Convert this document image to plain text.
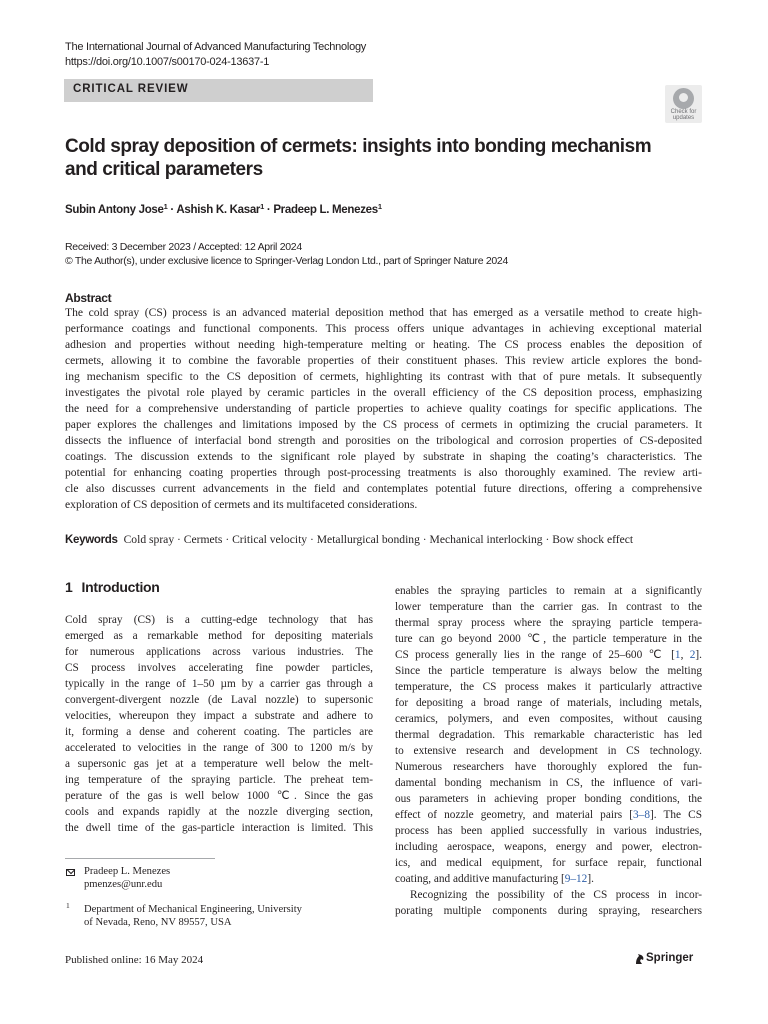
The International Journal of Advanced Manufacturing Technology
https://doi.org/10.1007/s00170-024-13637-1
CRITICAL REVIEW
Check for
updates
Cold spray deposition of cermets: insights into bonding mechanism
and critical parameters
Subin Antony Jose$^1$ · Ashish K. Kasar$^1$ · Pradeep L. Menezes$^1$
Received: 3 December 2023 / Accepted: 12 April 2024
© The Author(s), under exclusive licence to Springer-Verlag London Ltd., part of Springer Nature 2024
Abstract
The cold spray (CS) process is an advanced material deposition method that has emerged as a versatile method to create high-
performance coatings and functional components. This process offers unique advantages in achieving exceptional material
adhesion and properties without needing high-temperature melting or heating. The CS process enables the deposition of
cermets, allowing it to combine the favorable properties of their constituent phases. This review article explores the bond-
ing mechanism specific to the CS deposition of cermets, highlighting its contrast with that of pure metals. It subsequently
investigates the pivotal role played by ceramic particles in the overall efficiency of the CS deposition process, emphasizing
the need for a comprehensive understanding of particle properties to achieve quality coatings for specific applications. The
paper explores the challenges and limitations imposed by the CS process of cermets in optimizing the crucial parameters. It
dissects the influence of interfacial bond strength and porosities on the tribological and corrosion properties of CS-deposited
coatings. The discussion extends to the significant role played by substrate in shaping the coating’s characteristics. The
potential for enhancing coating properties through post-processing treatments is also thoroughly examined. The review arti-
cle also discusses current advancements in the field and contemplates potential future directions, offering a comprehensive
exploration of CS deposition of cermets and its multifaceted considerations.
Keywords Cold spray · Cermets · Critical velocity · Metallurgical bonding · Mechanical interlocking · Bow shock effect
1 Introduction
Cold spray (CS) is a cutting-edge technology that has
emerged as a remarkable method for depositing materials
for numerous applications across various industries. The
CS process involves accelerating fine powder particles,
typically in the range of 1–50 µm by a carrier gas through a
convergent-divergent nozzle (de Laval nozzle) to supersonic
velocities, whereupon they impact a substrate and adhere to
it, forming a dense and coherent coating. The particles are
accelerated to velocities in the range of 300 to 1200 m/s by
a supersonic gas jet at a temperature well below the melt-
ing temperature of the spraying particle. The preheat tem-
perature of the gas is well below 1000 ℃. Since the gas
cools and expands rapidly at the nozzle diverging section,
the dwell time of the gas-particle interaction is limited. This
enables the spraying particles to remain at a significantly
lower temperature than the carrier gas. In contrast to the
thermal spray process where the spraying particle tempera-
ture can go beyond 2000 ℃, the particle temperature in the
CS process generally lies in the range of 25–600 ℃ [1, 2].
Since the particle temperature is always below the melting
temperature, the CS process makes it particularly attractive
for depositing a broad range of materials, including metals,
ceramics, polymers, and even composites, without causing
thermal degradation. This remarkable characteristic has led
to extensive research and development in CS technology.
Numerous researchers have thoroughly explored the fun-
damental bonding mechanism in CS, the influence of vari-
ous parameters in achieving proper bonding conditions, the
effect of nozzle geometry, and material pairs [3–8]. The CS
process has been applied successfully in various industries,
including aerospace, weapons, energy and power, electron-
ics, and medical equipment, for surface repair, functional
coating, and additive manufacturing [9–12].
Recognizing the possibility of the CS process in incor-
porating multiple components during spraying, researchers
Pradeep L. Menezes
pmenzes@unr.edu
1 Department of Mechanical Engineering, University
of Nevada, Reno, NV 89557, USA
Published online: 16 May 2024	Springer
